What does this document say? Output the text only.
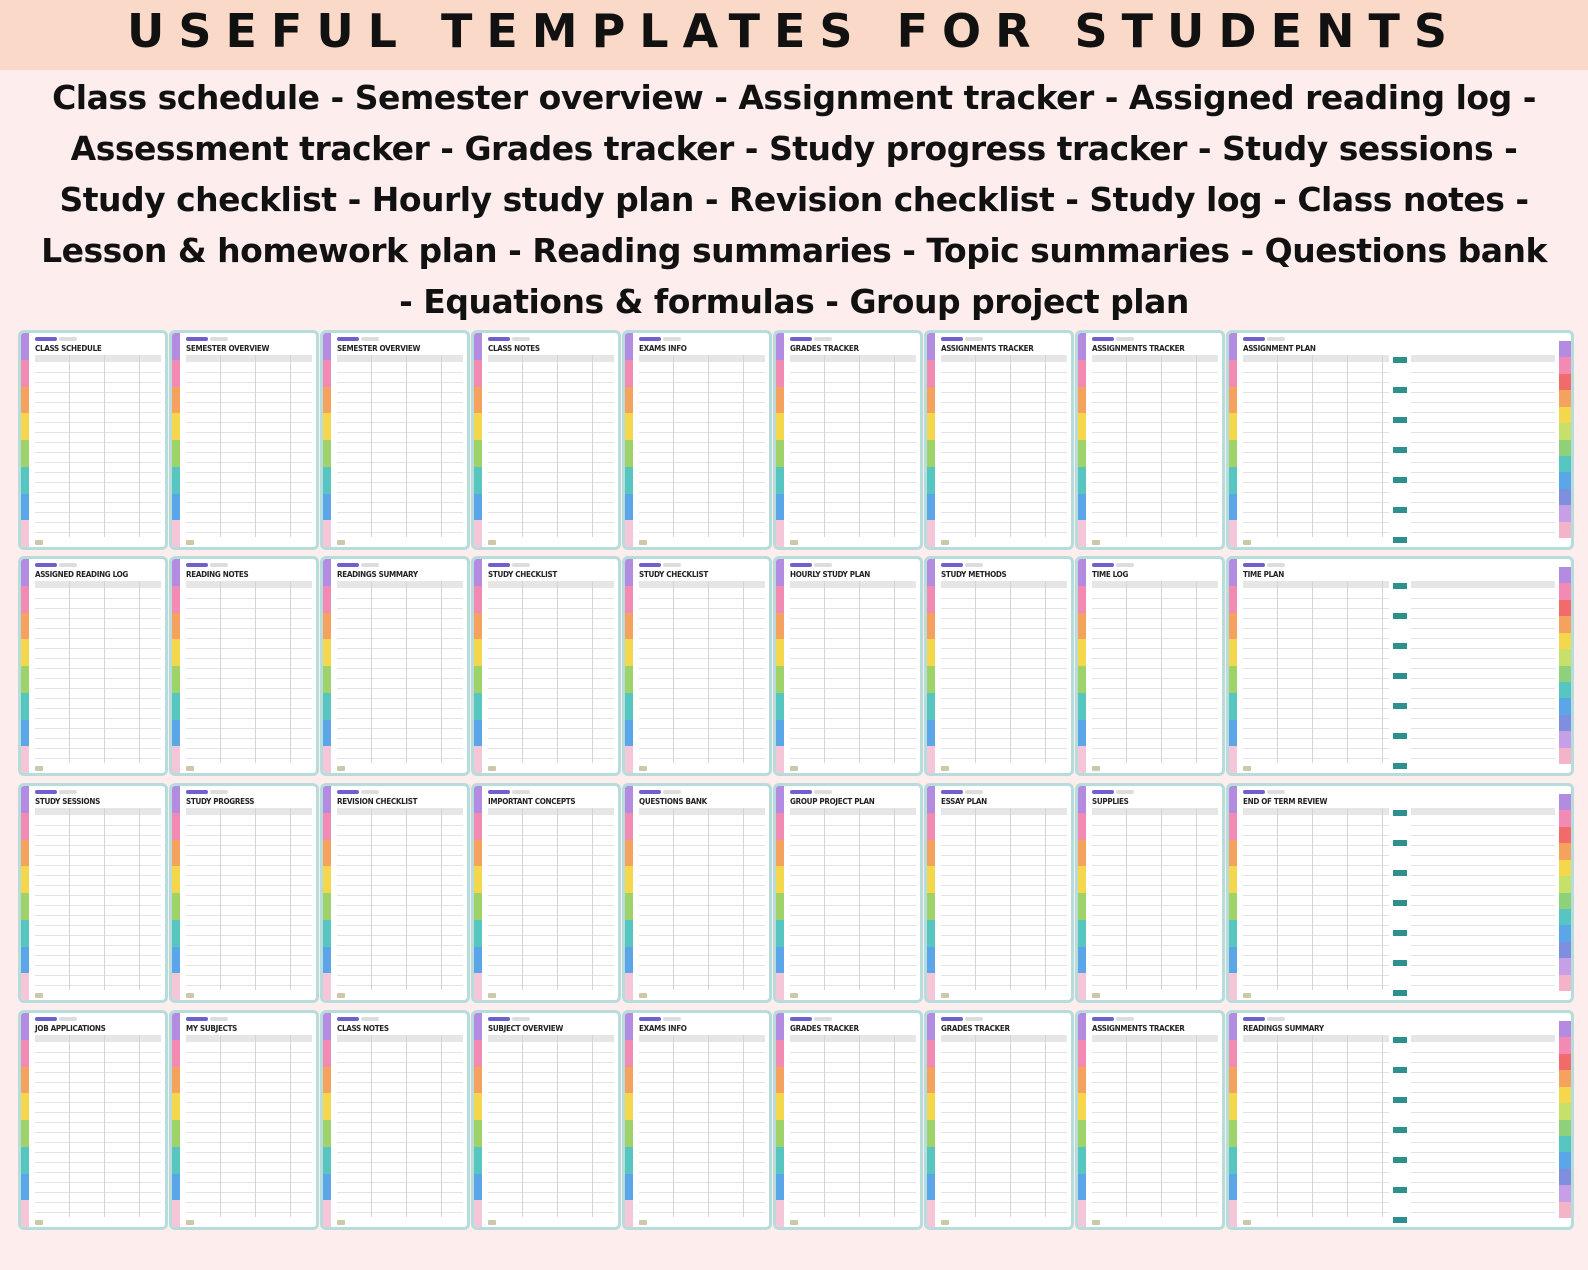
USEFUL TEMPLATES FOR STUDENTS
Class schedule - Semester overview - Assignment tracker - Assigned reading log - Assessment tracker - Grades tracker - Study progress tracker - Study sessions - Study checklist - Hourly study plan - Revision checklist - Study log - Class notes - Lesson & homework plan - Reading summaries - Topic summaries - Questions bank - Equations & formulas - Group project plan
CLASS SCHEDULE	SEMESTER OVERVIEW	SEMESTER OVERVIEW	CLASS NOTES	EXAMS INFO	GRADES TRACKER	ASSIGNMENTS TRACKER	ASSIGNMENTS TRACKER	ASSIGNMENT PLAN
ASSIGNED READING LOG	READING NOTES	READINGS SUMMARY	STUDY CHECKLIST	STUDY CHECKLIST	HOURLY STUDY PLAN	STUDY METHODS	TIME LOG	TIME PLAN
STUDY SESSIONS	STUDY PROGRESS	REVISION CHECKLIST	IMPORTANT CONCEPTS	QUESTIONS BANK	GROUP PROJECT PLAN	ESSAY PLAN	SUPPLIES	END OF TERM REVIEW
JOB APPLICATIONS	MY SUBJECTS	CLASS NOTES	SUBJECT OVERVIEW	EXAMS INFO	GRADES TRACKER	GRADES TRACKER	ASSIGNMENTS TRACKER	READINGS SUMMARY
